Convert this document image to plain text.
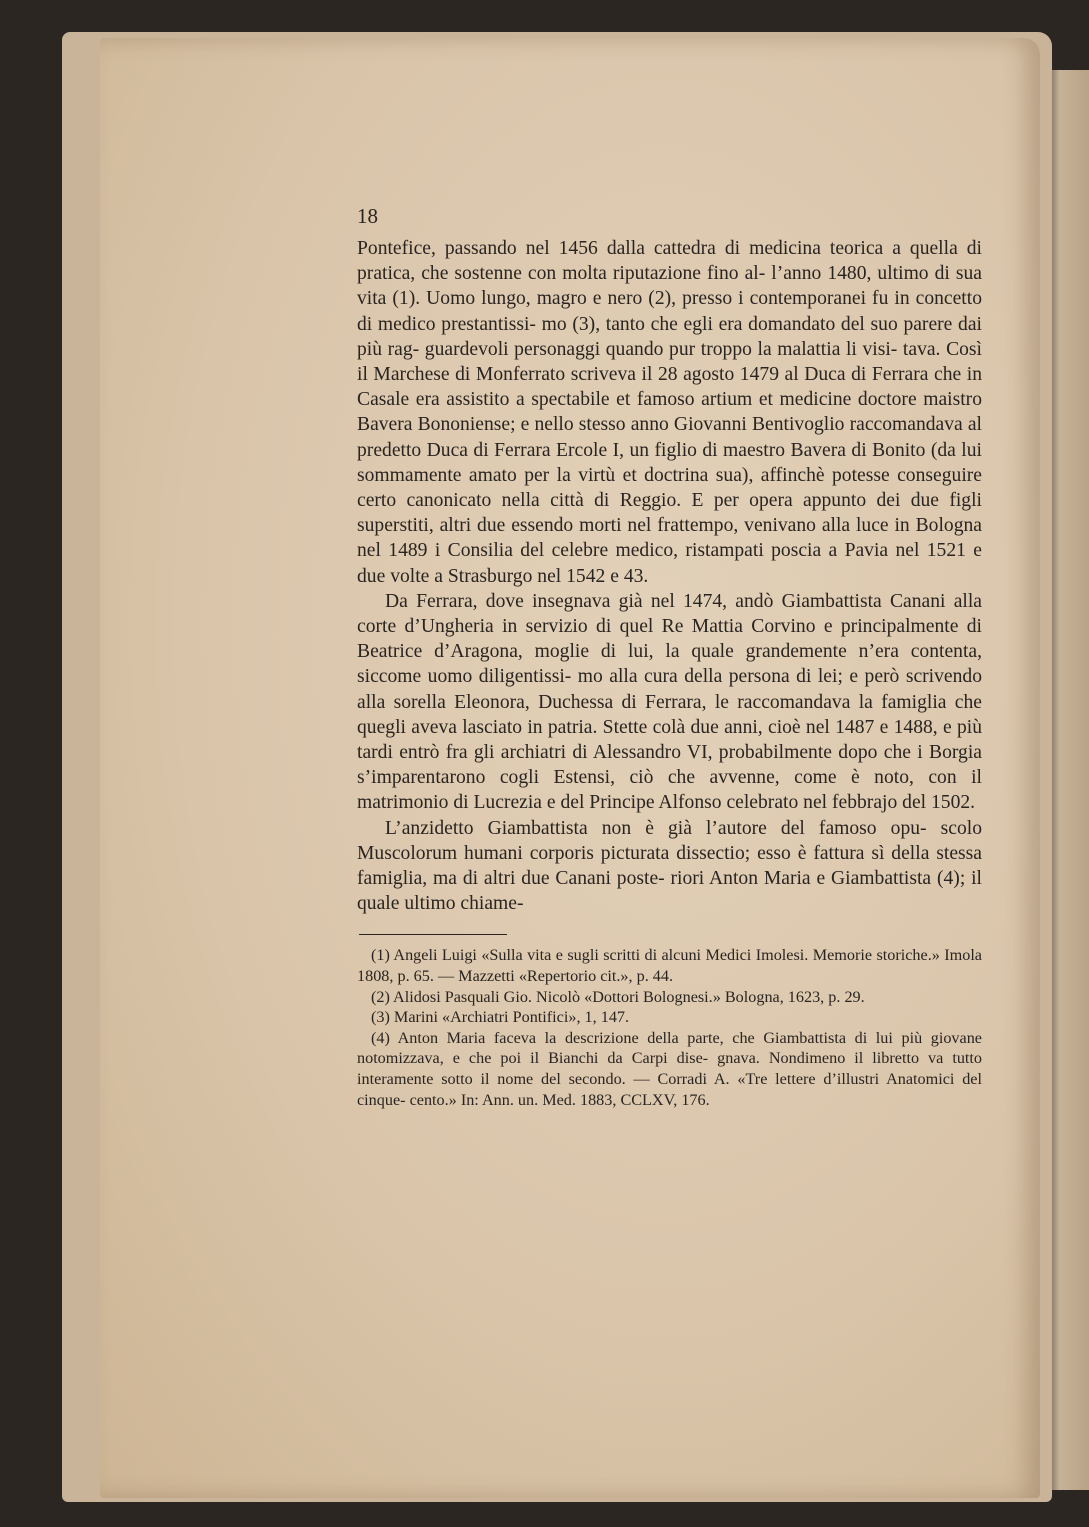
18

Pontefice, passando nel 1456 dalla cattedra di medicina teorica a quella di pratica, che sostenne con molta riputazione fino al- l’anno 1480, ultimo di sua vita (1). Uomo lungo, magro e nero (2), presso i contemporanei fu in concetto di medico prestantissi- mo (3), tanto che egli era domandato del suo parere dai più rag- guardevoli personaggi quando pur troppo la malattia li visi- tava. Così il Marchese di Monferrato scriveva il 28 agosto 1479 al Duca di Ferrara che in Casale era assistito a spectabile et famoso artium et medicine doctore maistro Bavera Bononiense; e nello stesso anno Giovanni Bentivoglio raccomandava al predetto Duca di Ferrara Ercole I, un figlio di maestro Bavera di Bonito (da lui sommamente amato per la virtù et doctrina sua), affinchè potesse conseguire certo canonicato nella città di Reggio. E per opera appunto dei due figli superstiti, altri due essendo morti nel frattempo, venivano alla luce in Bologna nel 1489 i Consilia del celebre medico, ristampati poscia a Pavia nel 1521 e due volte a Strasburgo nel 1542 e 43.

Da Ferrara, dove insegnava già nel 1474, andò Giambattista Canani alla corte d’Ungheria in servizio di quel Re Mattia Corvino e principalmente di Beatrice d’Aragona, moglie di lui, la quale grandemente n’era contenta, siccome uomo diligentissi- mo alla cura della persona di lei; e però scrivendo alla sorella Eleonora, Duchessa di Ferrara, le raccomandava la famiglia che quegli aveva lasciato in patria. Stette colà due anni, cioè nel 1487 e 1488, e più tardi entrò fra gli archiatri di Alessandro VI, probabilmente dopo che i Borgia s’imparentarono cogli Estensi, ciò che avvenne, come è noto, con il matrimonio di Lucrezia e del Principe Alfonso celebrato nel febbrajo del 1502.

L’anzidetto Giambattista non è già l’autore del famoso opu- scolo Muscolorum humani corporis picturata dissectio; esso è fattura sì della stessa famiglia, ma di altri due Canani poste- riori Anton Maria e Giambattista (4); il quale ultimo chiame-

(1) Angeli Luigi «Sulla vita e sugli scritti di alcuni Medici Imolesi. Memorie storiche.» Imola 1808, p. 65. — Mazzetti «Repertorio cit.», p. 44.

(2) Alidosi Pasquali Gio. Nicolò «Dottori Bolognesi.» Bologna, 1623, p. 29.

(3) Marini «Archiatri Pontifici», 1, 147.

(4) Anton Maria faceva la descrizione della parte, che Giambattista di lui più giovane notomizzava, e che poi il Bianchi da Carpi dise- gnava. Nondimeno il libretto va tutto interamente sotto il nome del secondo. — Corradi A. «Tre lettere d’illustri Anatomici del cinque- cento.» In: Ann. un. Med. 1883, CCLXV, 176.
